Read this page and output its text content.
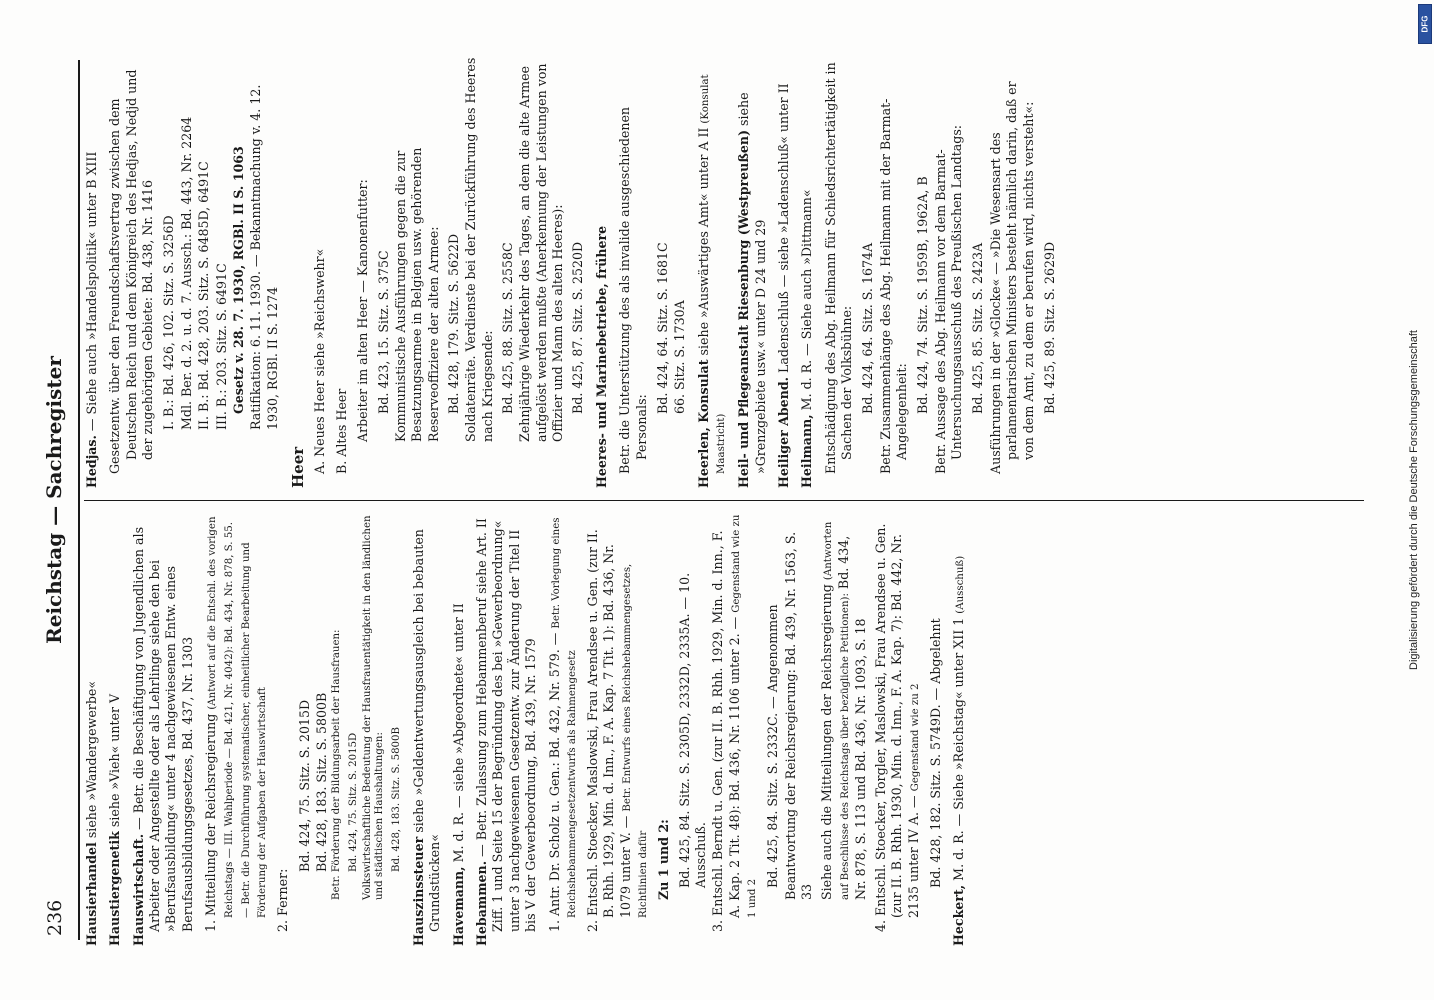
236
Reichstag — Sachregister

Hausierhandel siehe »Wandergewerbe«

Haustiergenetik siehe »Vieh« unter V

Hauswirtschaft. — Betr. die Beschäftigung von Jugendlichen als Arbeiter oder Angestellte oder als Lehrlinge siehe den bei »Berufsausbildung« unter 4 nachgewiesenen Entw. eines Berufsausbildungsgesetzes, Bd. 437, Nr. 1303 1. Mitteilung der Reichsregierung (Antwort auf die Entschl. des vorigen Reichstags — III. Wahlperiode — Bd. 421, Nr. 4042): Bd. 434, Nr. 878, S. 55. — Betr. die Durchführung systematischer, einheitlicher Bearbeitung und Förderung der Aufgaben der Hauswirtschaft 2. Ferner:

Bd. 424, 75. Sitz. S. 2015D Bd. 428, 183. Sitz. S. 5800B Betr. Förderung der Bildungsarbeit der Hausfrauen: Bd. 424, 75. Sitz. S. 2015D Volkswirtschaftliche Bedeutung der Hausfrauentätigkeit in den ländlichen und städtischen Haushaltungen: Bd. 428, 183. Sitz. S. 5800B

Hauszinssteuer siehe »Geldentwertungsausgleich bei bebauten Grundstücken« Havemann, M. d. R. — siehe »Abgeordnete« unter II

Hebammen. — Betr. Zulassung zum Hebammenberuf siehe Art. II Ziff. 1 und Seite 15 der Begründung des bei »Gewerbeordnung« unter 3 nachgewiesenen Gesetzentw. zur Änderung der Titel II bis V der Gewerbeordnung, Bd. 439, Nr. 1579 1. Antr. Dr. Scholz u. Gen.: Bd. 432, Nr. 579. — Betr. Vorlegung eines Reichshebammengesetzentwurfs als Rahmengesetz 2. Entschl. Stoecker, Maslowski, Frau Arendsee u. Gen. (zur II. B. Rhh. 1929, Min. d. Inn., F. A. Kap. 7 Tit. 1): Bd. 436, Nr. 1079 unter V. — Betr. Entwurfs eines Reichshebammengesetzes, Richtlinien dafür Zu 1 und 2: Bd. 425, 84. Sitz. S. 2305D, 2332D, 2335A. — 10. Ausschuß. 3. Entschl. Berndt u. Gen. (zur II. B. Rhh. 1929, Min. d. Inn., F. A. Kap. 2 Tit. 48): Bd. 436, Nr. 1106 unter 2. — Gegenstand wie zu 1 und 2

Bd. 425, 84. Sitz. S. 2332C. — Angenommen Beantwortung der Reichsregierung: Bd. 439, Nr. 1563, S. 33 Siehe auch die Mitteilungen der Reichsregierung (Antworten auf Beschlüsse des Reichstags über bezügliche Petitionen): Bd. 434, Nr. 878, S. 113 und Bd. 436, Nr. 1093, S. 18 4. Entschl. Stoecker, Torgler, Maslowski, Frau Arendsee u. Gen. (zur II. B. Rhh. 1930, Min. d. Inn., F. A. Kap. 7): Bd. 442, Nr. 2135 unter IV A. — Gegenstand wie zu 2 Bd. 428, 182. Sitz. S. 5749D. — Abgelehnt

Heckert, M. d. R. — Siehe »Reichstag« unter XII 1 (Ausschuß)

Hedjas. — Siehe auch »Handelspolitik« unter B XIII Gesetzentw. über den Freundschaftsvertrag zwischen dem Deutschen Reich und dem Königreich des Hedjas, Nedjd und der zugehörigen Gebiete: Bd. 438, Nr. 1416 I. B.: Bd. 426, 102. Sitz. S. 3256D Mdl. Ber. d. 2. u. d. 7. Aussch.: Bd. 443, Nr. 2264 II. B.: Bd. 428, 203. Sitz. S. 6485D, 6491C III. B.: 203. Sitz. S. 6491C Gesetz v. 28. 7. 1930, RGBl. II S. 1063 Ratifikation: 6. 11. 1930. — Bekanntmachung v. 4. 12. 1930, RGBl. II S. 1274
Heer A. Neues Heer siehe »Reichswehr« B. Altes Heer Arbeiter im alten Heer — Kanonenfutter: Bd. 423, 15. Sitz. S. 375C Kommunistische Ausführungen gegen die zur Besatzungsarmee in Belgien usw. gehörenden Reserveoffiziere der alten Armee: Bd. 428, 179. Sitz. S. 5622D Soldatenräte. Verdienste bei der Zurückführung des Heeres nach Kriegsende: Bd. 425, 88. Sitz. S. 2558C Zehnjährige Wiederkehr des Tages, an dem die alte Armee aufgelöst werden mußte (Anerkennung der Leistungen von Offizier und Mann des alten Heeres): Bd. 425, 87. Sitz. S. 2520D Heeres- und Marinebetriebe, frühere Betr. die Unterstützung des als invalide ausgeschiedenen Personals:

Bd. 424, 64. Sitz. S. 1681C 66. Sitz. S. 1730A

Heerlen, Konsulat siehe »Auswärtiges Amt« unter A II (Konsulat Maastricht) Heil- und Pflegeanstalt Riesenburg (Westpreußen) siehe »Grenzgebiete usw.« unter D 24 und 29 Heiliger Abend. Ladenschluß — siehe »Ladenschluß« unter II

Heilmann, M. d. R. — Siehe auch »Dittmann« Entschädigung des Abg. Heilmann für Schiedsrichtertätigkeit in Sachen der Volksbühne: Bd. 424, 64. Sitz. S. 1674A Betr. Zusammenhänge des Abg. Heilmann mit der Barmat-Angelegenheit: Bd. 424, 74. Sitz. S. 1959B, 1962A, B Betr. Aussage des Abg. Heilmann vor dem Barmat-Untersuchungsausschuß des Preußischen Landtags: Bd. 425, 85. Sitz. S. 2423A Ausführungen in der »Glocke« — »Die Wesensart des parlamentarischen Ministers besteht nämlich darin, daß er von dem Amt, zu dem er berufen wird, nichts versteht«: Bd. 425, 89. Sitz. S. 2629D
DFG
Digitalisierung gefördert durch die Deutsche Forschungsgemeinschaft
